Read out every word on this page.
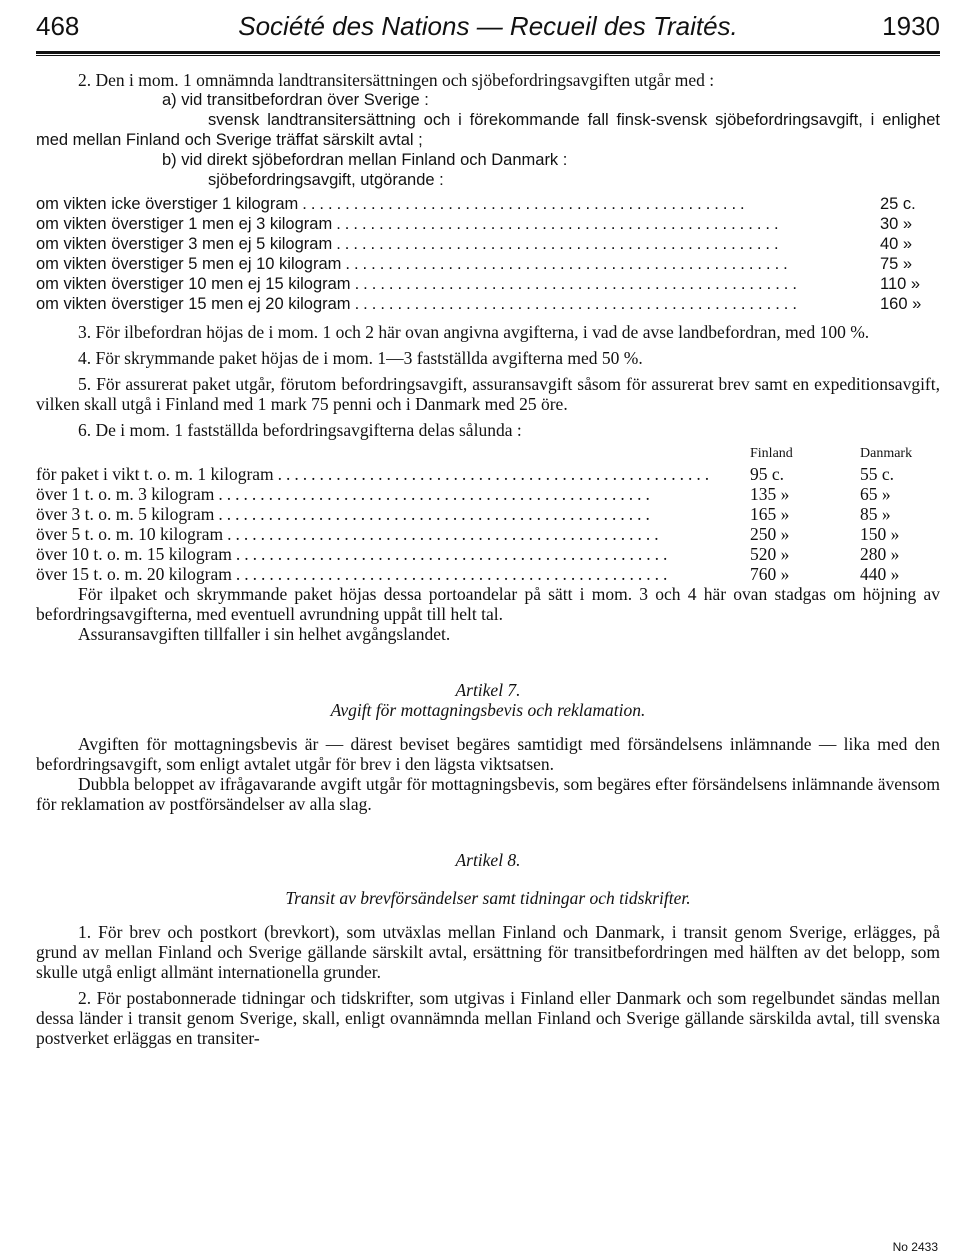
468	Société des Nations — Recueil des Traités.	1930

2. Den i mom. 1 omnämnda landtransitersättningen och sjöbefordringsavgiften utgår med :

a) vid transitbefordran över Sverige :

svensk landtransitersättning och i förekommande fall finsk-svensk sjöbefordringsavgift, i enlighet med mellan Finland och Sverige träffat särskilt avtal ;

b) vid direkt sjöbefordran mellan Finland och Danmark :

sjöbefordringsavgift, utgörande :

om vikten icke överstiger 1 kilogram ....................................................	25 c.
om vikten överstiger 1 men ej 3 kilogram ....................................................	30 »
om vikten överstiger 3 men ej 5 kilogram ....................................................	40 »
om vikten överstiger 5 men ej 10 kilogram ....................................................	75 »
om vikten överstiger 10 men ej 15 kilogram ....................................................	110 »
om vikten överstiger 15 men ej 20 kilogram ....................................................	160 »

3. För ilbefordran höjas de i mom. 1 och 2 här ovan angivna avgifterna, i vad de avse landbefordran, med 100 %.

4. För skrymmande paket höjas de i mom. 1—3 fastställda avgifterna med 50 %.

5. För assurerat paket utgår, förutom befordringsavgift, assuransavgift såsom för assurerat brev samt en expeditionsavgift, vilken skall utgå i Finland med 1 mark 75 penni och i Danmark med 25 öre.

6. De i mom. 1 fastställda befordringsavgifterna delas sålunda :

Finland	Danmark
för paket i vikt t. o. m. 1 kilogram ....................................................	95 c.	55 c.
över 1 t. o. m. 3 kilogram ....................................................	135 »	65 »
över 3 t. o. m. 5 kilogram ....................................................	165 »	85 »
över 5 t. o. m. 10 kilogram ....................................................	250 »	150 »
över 10 t. o. m. 15 kilogram ....................................................	520 »	280 »
över 15 t. o. m. 20 kilogram ....................................................	760 »	440 »

För ilpaket och skrymmande paket höjas dessa portoandelar på sätt i mom. 3 och 4 här ovan stadgas om höjning av befordringsavgifterna, med eventuell avrundning uppåt till helt tal.

Assuransavgiften tillfaller i sin helhet avgångslandet.

Artikel 7.

Avgift för mottagningsbevis och reklamation.

Avgiften för mottagningsbevis är — därest beviset begäres samtidigt med försändelsens inlämnande — lika med den befordringsavgift, som enligt avtalet utgår för brev i den lägsta viktsatsen.

Dubbla beloppet av ifrågavarande avgift utgår för mottagningsbevis, som begäres efter försändelsens inlämnande ävensom för reklamation av postförsändelser av alla slag.

Artikel 8.

Transit av brevförsändelser samt tidningar och tidskrifter.

1. För brev och postkort (brevkort), som utväxlas mellan Finland och Danmark, i transit genom Sverige, erlägges, på grund av mellan Finland och Sverige gällande särskilt avtal, ersättning för transitbefordringen med hälften av det belopp, som skulle utgå enligt allmänt internationella grunder.

2. För postabonnerade tidningar och tidskrifter, som utgivas i Finland eller Danmark och som regelbundet sändas mellan dessa länder i transit genom Sverige, skall, enligt ovannämnda mellan Finland och Sverige gällande särskilda avtal, till svenska postverket erläggas en transiter-

No 2433
